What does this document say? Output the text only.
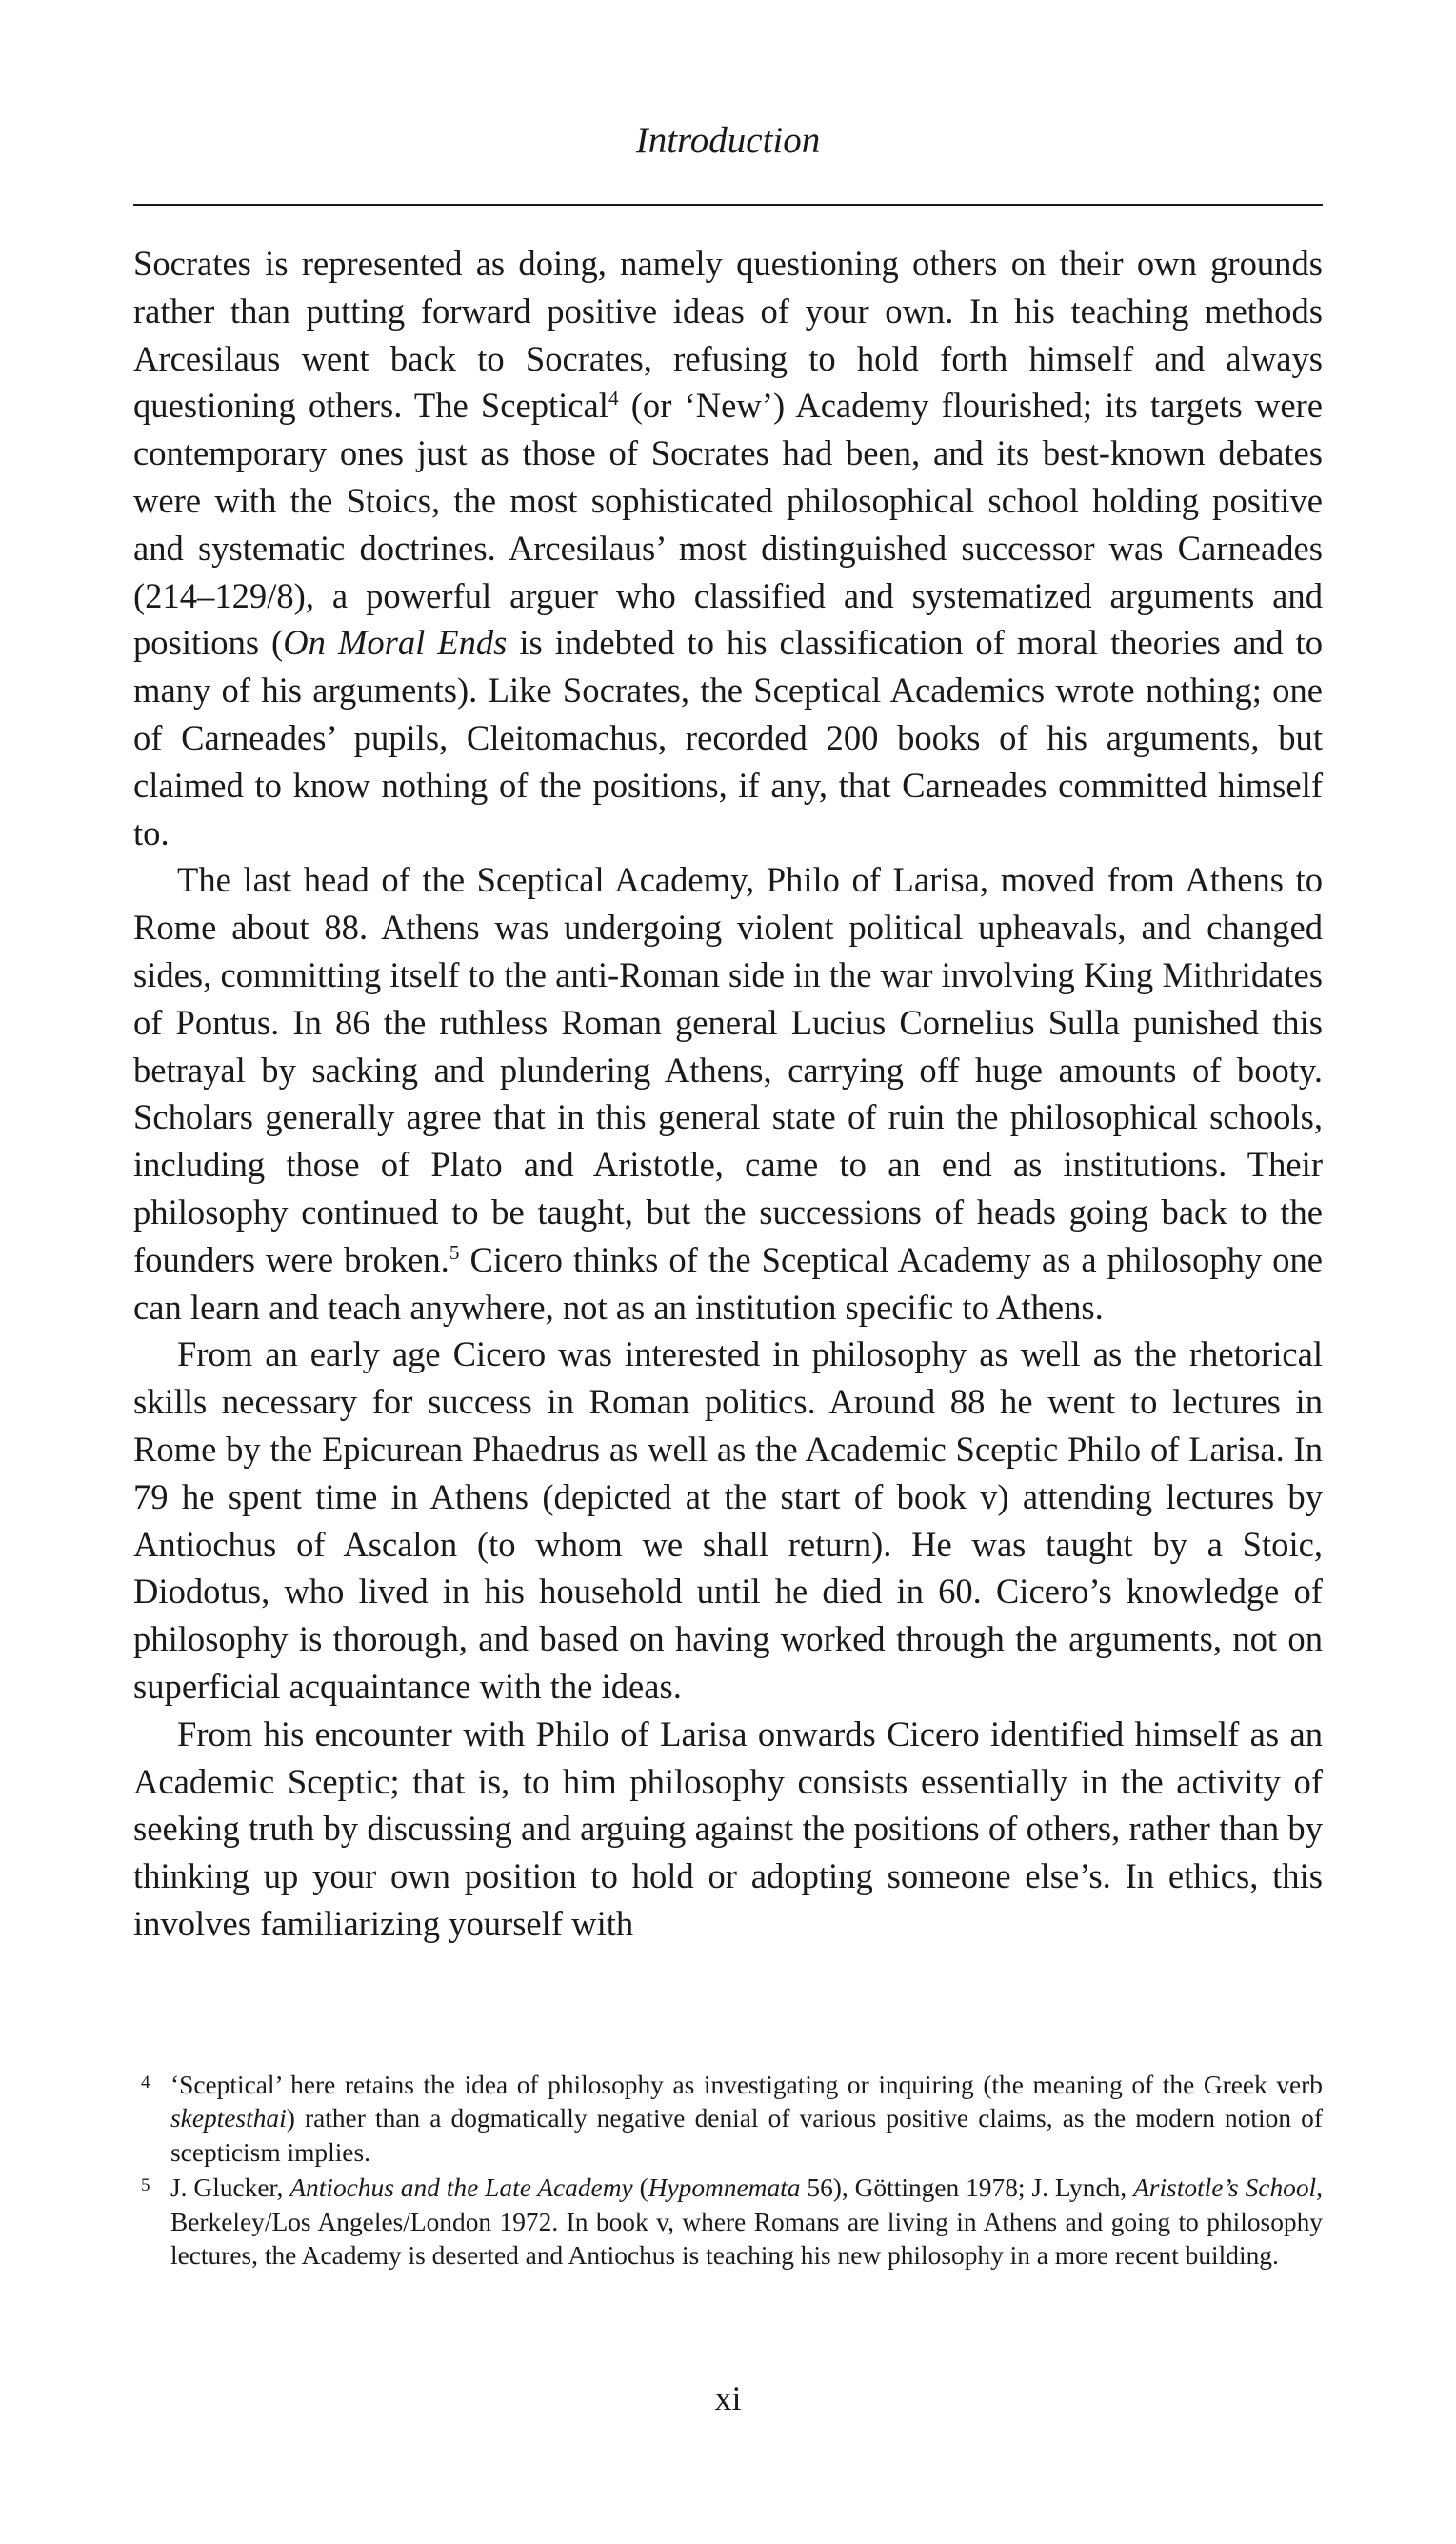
Introduction

Socrates is represented as doing, namely questioning others on their own grounds rather than putting forward positive ideas of your own. In his teaching methods Arcesilaus went back to Socrates, refusing to hold forth himself and always questioning others. The Sceptical$^4$ (or ‘New’) Academy flourished; its targets were contemporary ones just as those of Socrates had been, and its best-known debates were with the Stoics, the most sophisticated philosophical school holding positive and systematic doctrines. Arcesilaus’ most distinguished successor was Carneades (214–129/8), a powerful arguer who classified and systematized arguments and positions (On Moral Ends is indebted to his classification of moral theories and to many of his arguments). Like Socrates, the Sceptical Academics wrote nothing; one of Carneades’ pupils, Cleitomachus, recorded 200 books of his arguments, but claimed to know nothing of the positions, if any, that Carneades committed himself to.

The last head of the Sceptical Academy, Philo of Larisa, moved from Athens to Rome about 88. Athens was undergoing violent political upheavals, and changed sides, committing itself to the anti-Roman side in the war involving King Mithridates of Pontus. In 86 the ruthless Roman general Lucius Cornelius Sulla punished this betrayal by sacking and plundering Athens, carrying off huge amounts of booty. Scholars generally agree that in this general state of ruin the philosophical schools, including those of Plato and Aristotle, came to an end as institutions. Their philosophy continued to be taught, but the successions of heads going back to the founders were broken.$^5$ Cicero thinks of the Sceptical Academy as a philosophy one can learn and teach anywhere, not as an institution specific to Athens.

From an early age Cicero was interested in philosophy as well as the rhetorical skills necessary for success in Roman politics. Around 88 he went to lectures in Rome by the Epicurean Phaedrus as well as the Academic Sceptic Philo of Larisa. In 79 he spent time in Athens (depicted at the start of book v) attending lectures by Antiochus of Ascalon (to whom we shall return). He was taught by a Stoic, Diodotus, who lived in his household until he died in 60. Cicero’s knowledge of philosophy is thorough, and based on having worked through the arguments, not on superficial acquaintance with the ideas.

From his encounter with Philo of Larisa onwards Cicero identified himself as an Academic Sceptic; that is, to him philosophy consists essentially in the activity of seeking truth by discussing and arguing against the positions of others, rather than by thinking up your own position to hold or adopting someone else’s. In ethics, this involves familiarizing yourself with

4 ‘Sceptical’ here retains the idea of philosophy as investigating or inquiring (the meaning of the Greek verb skeptesthai) rather than a dogmatically negative denial of various positive claims, as the modern notion of scepticism implies.

5 J. Glucker, Antiochus and the Late Academy (Hypomnemata 56), Göttingen 1978; J. Lynch, Aristotle’s School, Berkeley/Los Angeles/London 1972. In book v, where Romans are living in Athens and going to philosophy lectures, the Academy is deserted and Antiochus is teaching his new philosophy in a more recent building.

xi
